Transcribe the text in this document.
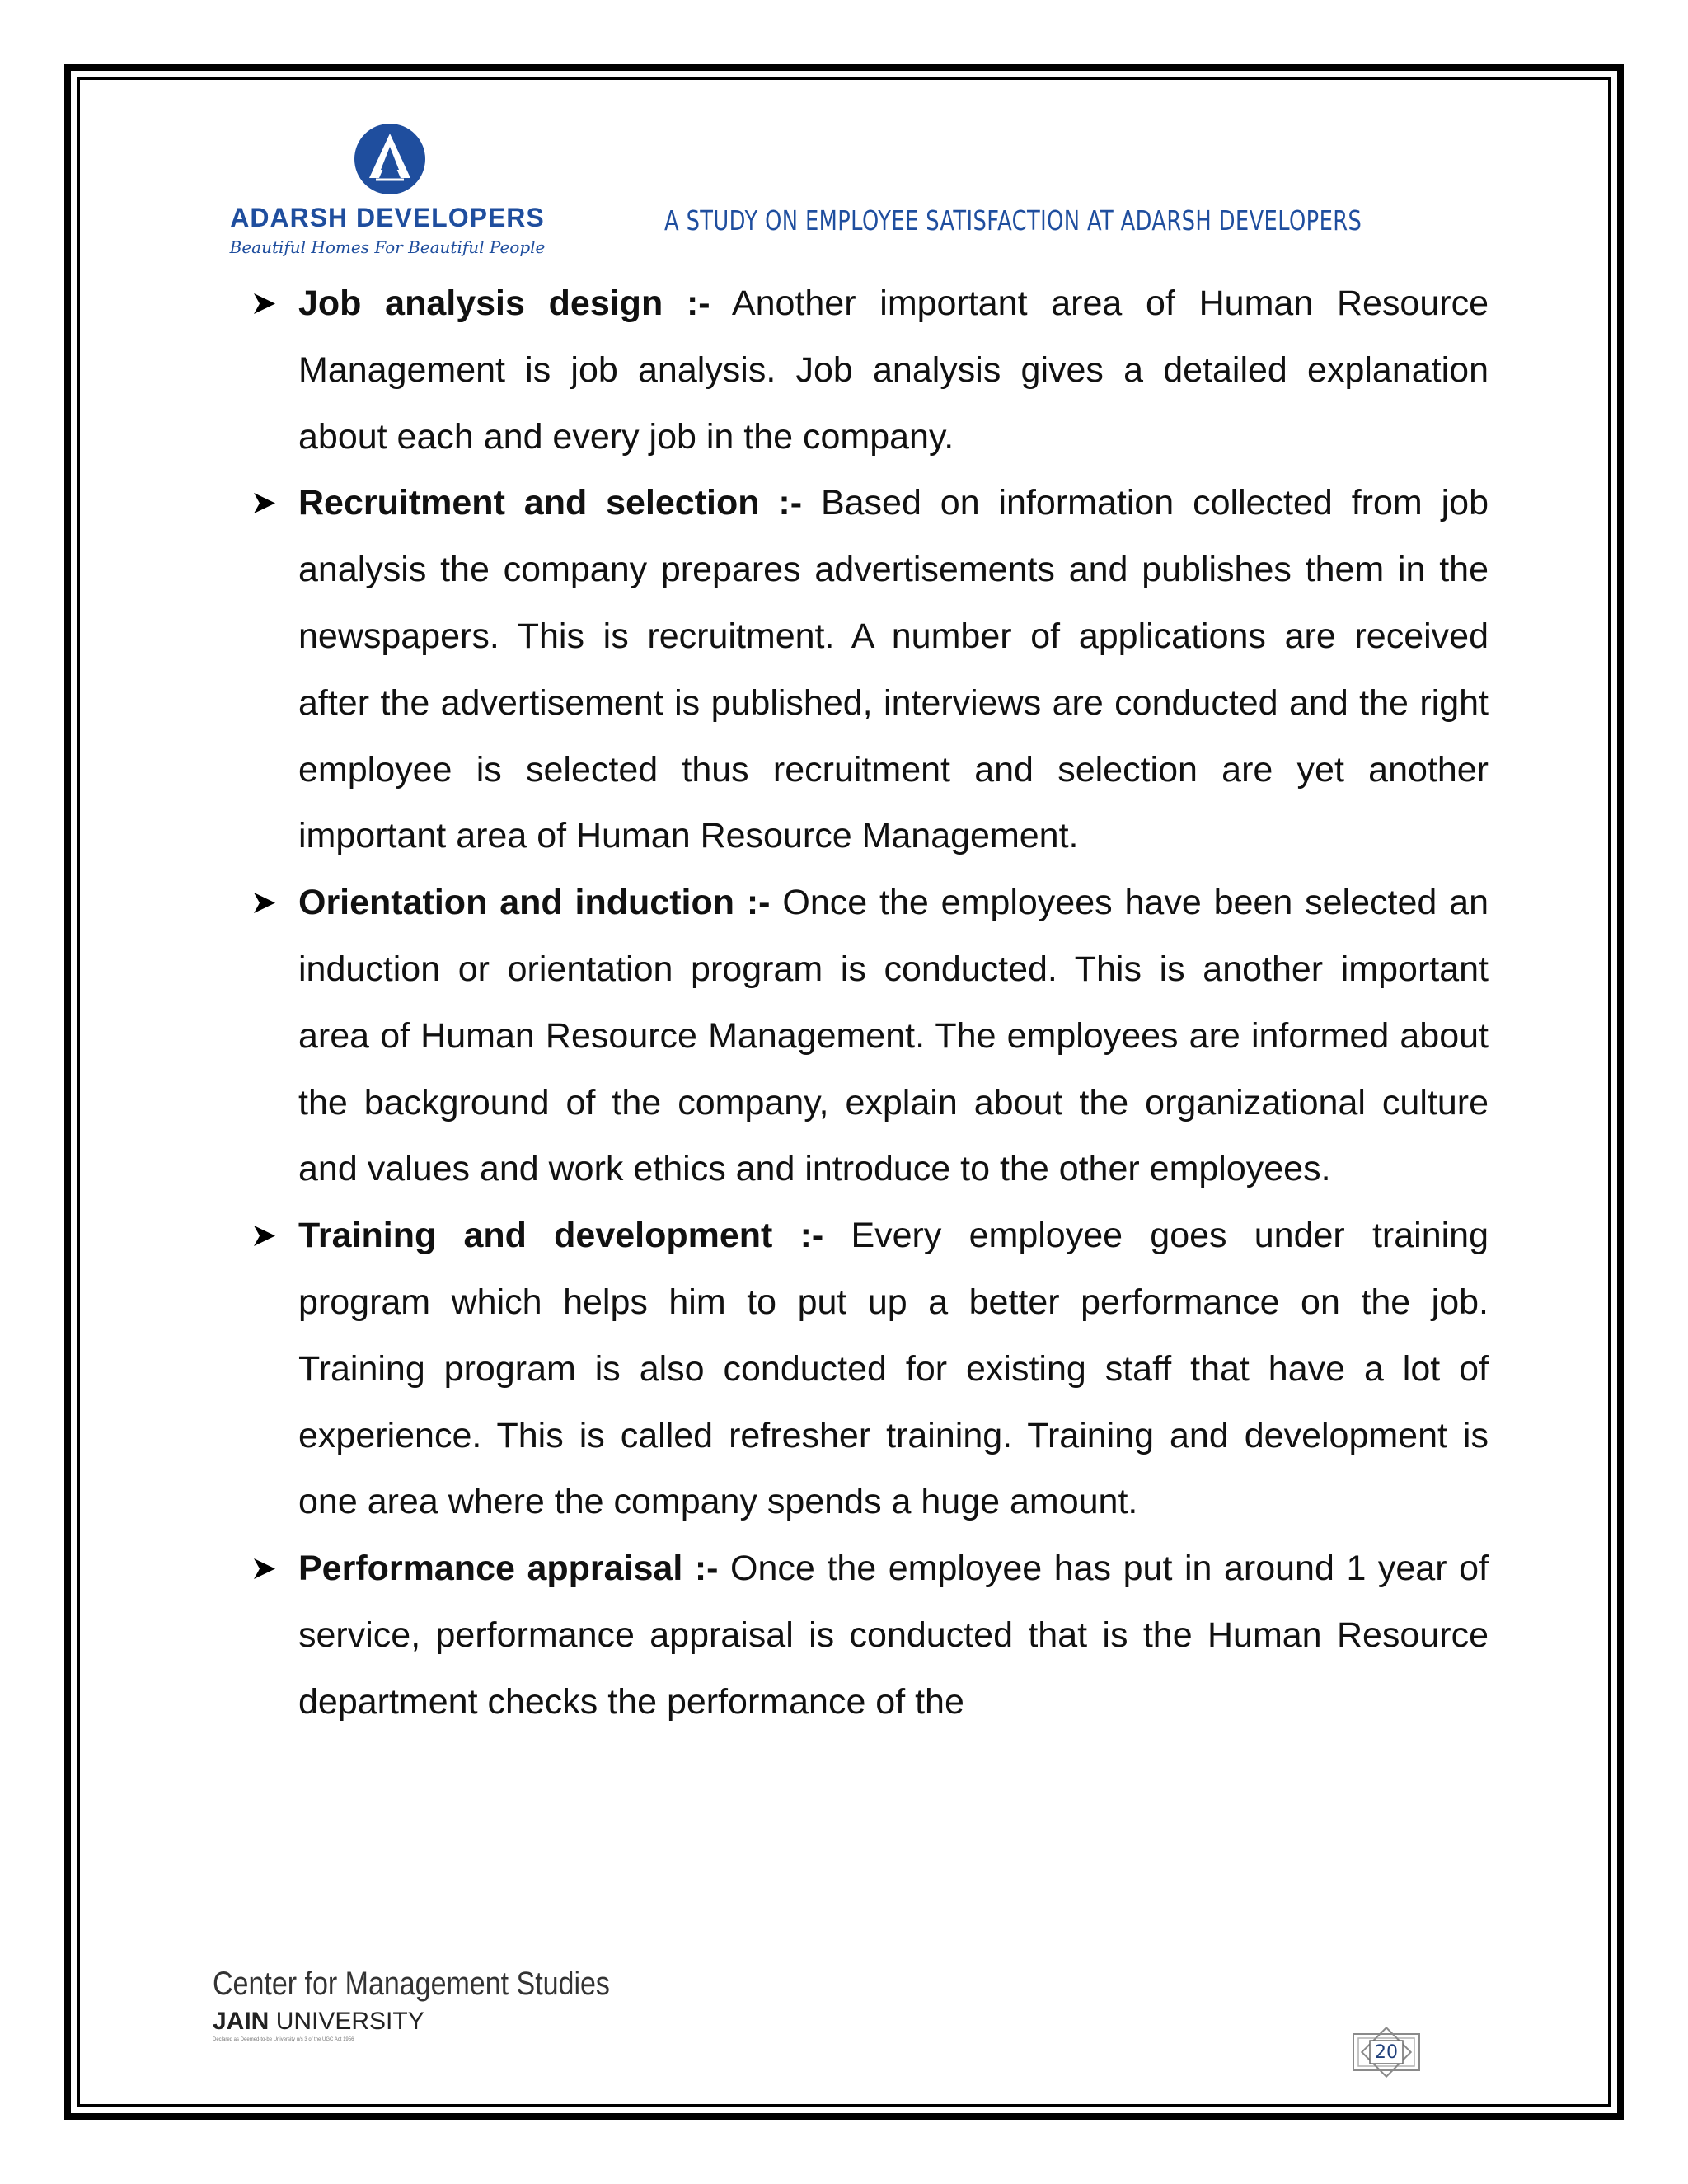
ADARSH DEVELOPERS
Beautiful Homes For Beautiful People
A STUDY ON EMPLOYEE SATISFACTION AT ADARSH DEVELOPERS

Job analysis design :- Another important area of Human Resource Management is job analysis. Job analysis gives a detailed explanation about each and every job in the company.

Recruitment and selection :- Based on information collected from job analysis the company prepares advertisements and publishes them in the newspapers. This is recruitment. A number of applications are received after the advertisement is published, interviews are conducted and the right employee is selected thus recruitment and selection are yet another important area of Human Resource Management.

Orientation and induction :- Once the employees have been selected an induction or orientation program is conducted. This is another important area of Human Resource Management. The employees are informed about the background of the company, explain about the organizational culture and values and work ethics and introduce to the other employees.

Training and development :- Every employee goes under training program which helps him to put up a better performance on the job. Training program is also conducted for existing staff that have a lot of experience. This is called refresher training. Training and development is one area where the company spends a huge amount.

Performance appraisal :- Once the employee has put in around 1 year of service, performance appraisal is conducted that is the Human Resource department checks the performance of the

Center for Management Studies
JAIN UNIVERSITY
Declared as Deemed-to-be University u/s 3 of the UGC Act 1956
20
